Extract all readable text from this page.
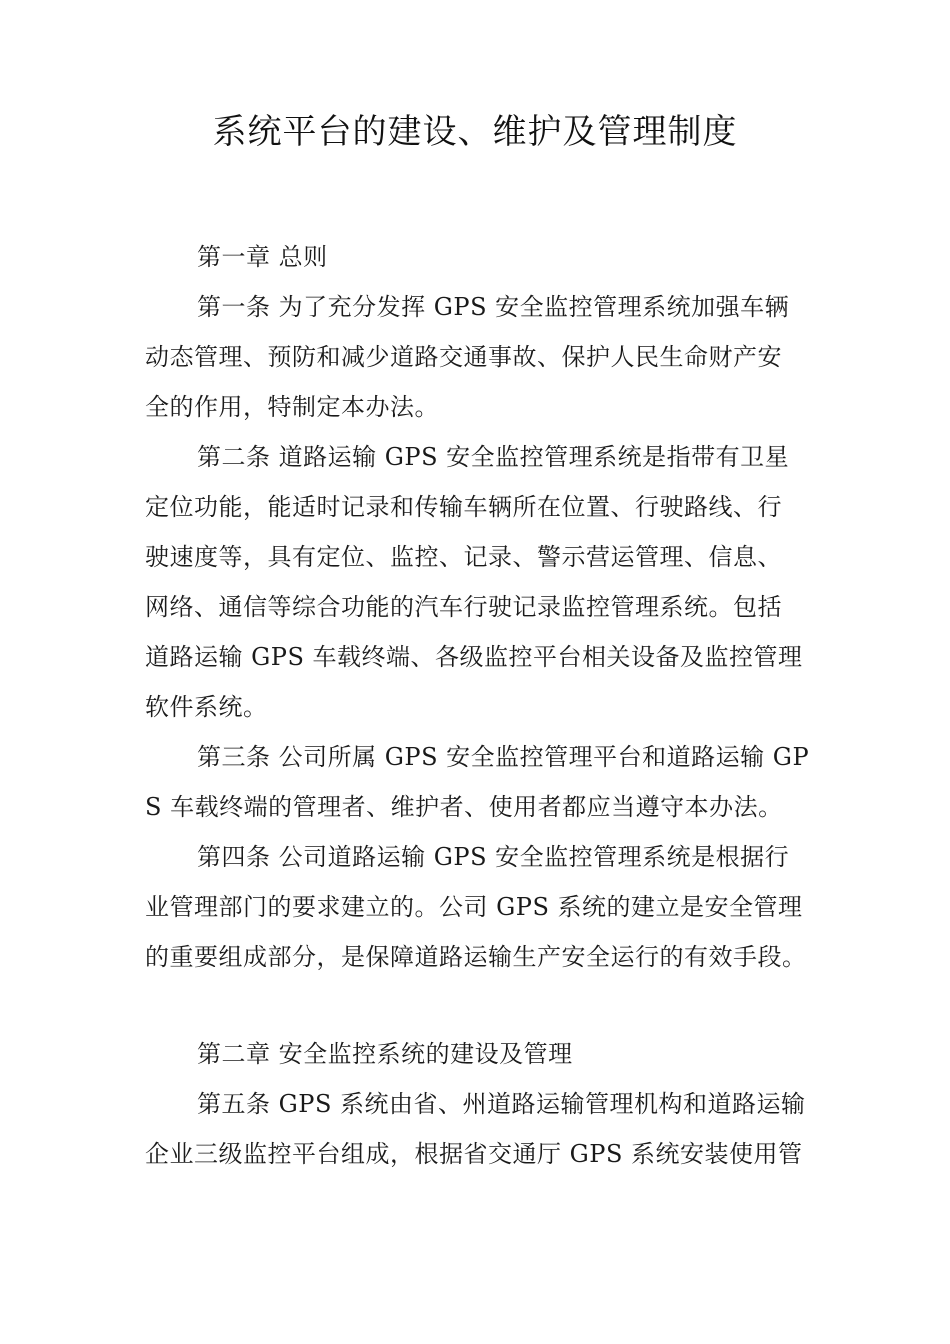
系统平台的建设、维护及管理制度
第一章 总则
第一条 为了充分发挥 GPS 安全监控管理系统加强车辆
动态管理、预防和减少道路交通事故、保护人民生命财产安
全的作用，特制定本办法。
第二条 道路运输 GPS 安全监控管理系统是指带有卫星
定位功能，能适时记录和传输车辆所在位置、行驶路线、行
驶速度等，具有定位、监控、记录、警示营运管理、信息、
网络、通信等综合功能的汽车行驶记录监控管理系统。包括
道路运输 GPS 车载终端、各级监控平台相关设备及监控管理
软件系统。
第三条 公司所属 GPS 安全监控管理平台和道路运输 GP
S 车载终端的管理者、维护者、使用者都应当遵守本办法。
第四条 公司道路运输 GPS 安全监控管理系统是根据行
业管理部门的要求建立的。公司 GPS 系统的建立是安全管理
的重要组成部分，是保障道路运输生产安全运行的有效手段。
第二章 安全监控系统的建设及管理
第五条 GPS 系统由省、州道路运输管理机构和道路运输
企业三级监控平台组成，根据省交通厅 GPS 系统安装使用管
